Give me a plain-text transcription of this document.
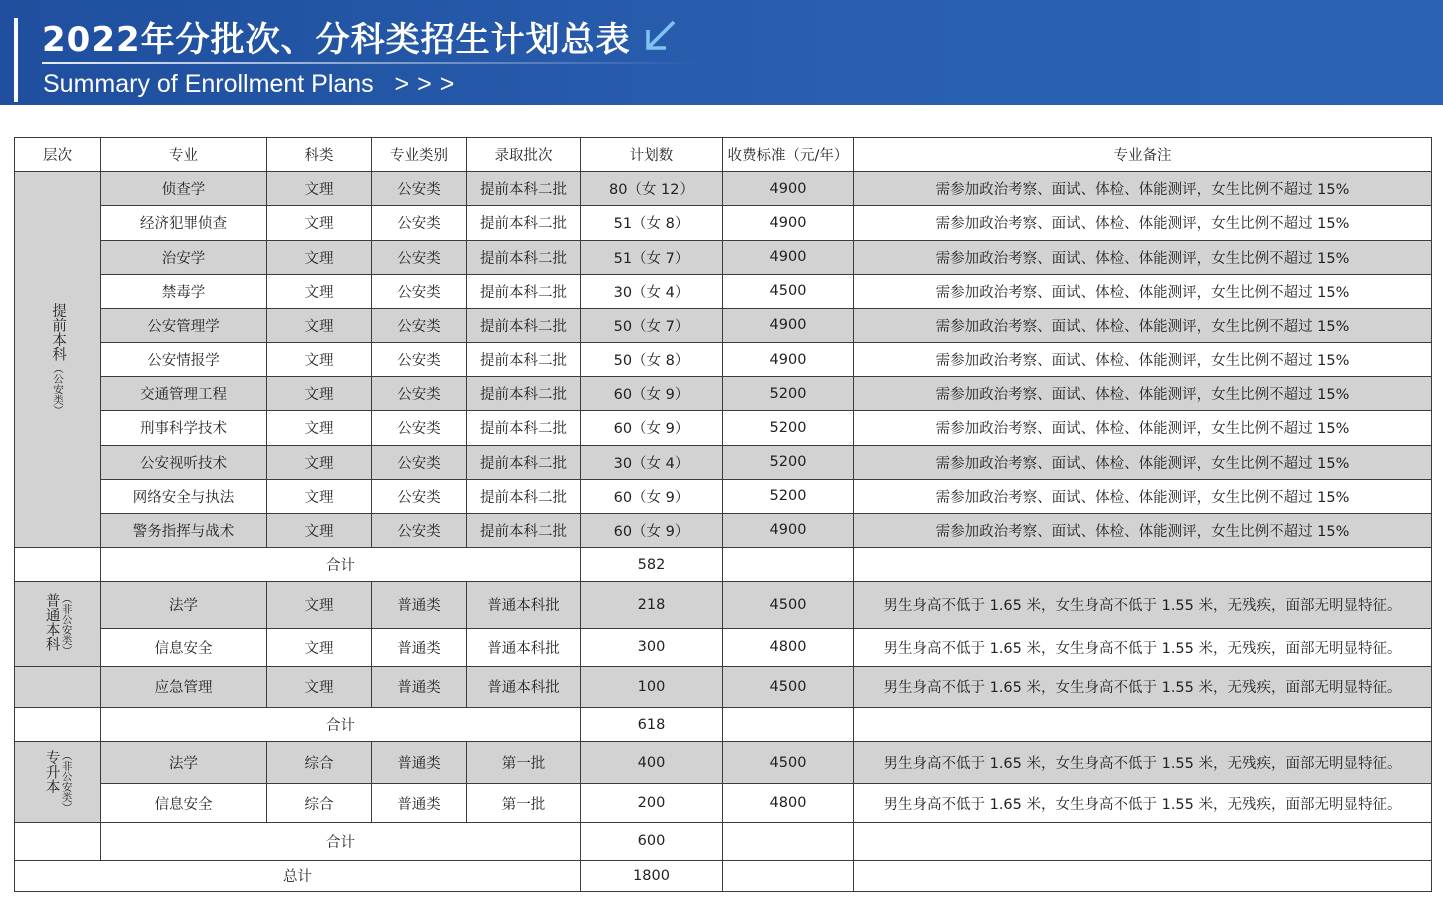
2022年分批次、分科类招生计划总表
Summary of Enrollment Plans >>>
层次	专业	科类	专业类别	录取批次	计划数	收费标准（元/年）	专业备注

提前本科
（公安类）	侦查学	文理	公安类	提前本科二批	80（女 12）	4900	需参加政治考察、面试、体检、体能测评，女生比例不超过 15%
	经济犯罪侦查	文理	公安类	提前本科二批	51（女 8）	4900	需参加政治考察、面试、体检、体能测评，女生比例不超过 15%
	治安学	文理	公安类	提前本科二批	51（女 7）	4900	需参加政治考察、面试、体检、体能测评，女生比例不超过 15%
	禁毒学	文理	公安类	提前本科二批	30（女 4）	4500	需参加政治考察、面试、体检、体能测评，女生比例不超过 15%
	公安管理学	文理	公安类	提前本科二批	50（女 7）	4900	需参加政治考察、面试、体检、体能测评，女生比例不超过 15%
	公安情报学	文理	公安类	提前本科二批	50（女 8）	4900	需参加政治考察、面试、体检、体能测评，女生比例不超过 15%
	交通管理工程	文理	公安类	提前本科二批	60（女 9）	5200	需参加政治考察、面试、体检、体能测评，女生比例不超过 15%
	刑事科学技术	文理	公安类	提前本科二批	60（女 9）	5200	需参加政治考察、面试、体检、体能测评，女生比例不超过 15%
	公安视听技术	文理	公安类	提前本科二批	30（女 4）	5200	需参加政治考察、面试、体检、体能测评，女生比例不超过 15%
	网络安全与执法	文理	公安类	提前本科二批	60（女 9）	5200	需参加政治考察、面试、体检、体能测评，女生比例不超过 15%
	警务指挥与战术	文理	公安类	提前本科二批	60（女 9）	4900	需参加政治考察、面试、体检、体能测评，女生比例不超过 15%
	合计				582		

（非公安类）
普通本科	法学	文理	普通类	普通本科批	218	4500	男生身高不低于 1.65 米，女生身高不低于 1.55 米，无残疾，面部无明显特征。
	信息安全	文理	普通类	普通本科批	300	4800	男生身高不低于 1.65 米，女生身高不低于 1.55 米，无残疾，面部无明显特征。
	应急管理	文理	普通类	普通本科批	100	4500	男生身高不低于 1.65 米，女生身高不低于 1.55 米，无残疾，面部无明显特征。
	合计				618		

（非公安类）
专升本	法学	综合	普通类	第一批	400	4500	男生身高不低于 1.65 米，女生身高不低于 1.55 米，无残疾，面部无明显特征。
	信息安全	综合	普通类	第一批	200	4800	男生身高不低于 1.65 米，女生身高不低于 1.55 米，无残疾，面部无明显特征。
	合计				600		
总计					1800		
